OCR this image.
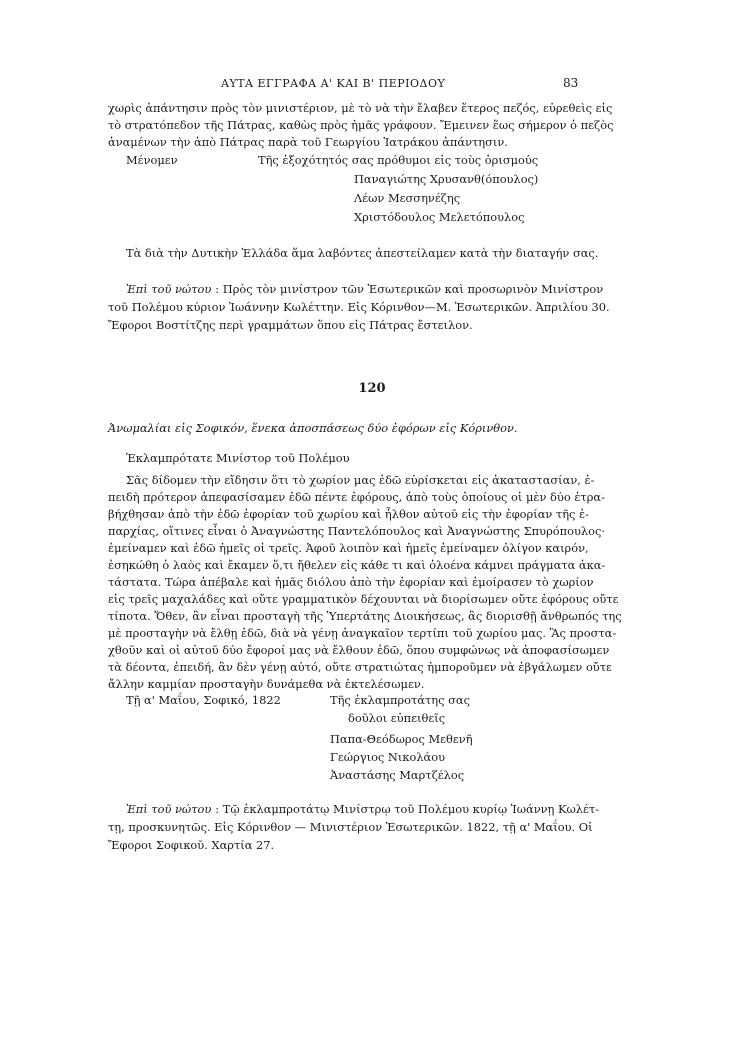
ΑΥΤΑ ΕΓΓΡΑΦΑ Α' ΚΑΙ Β' ΠΕΡΙΟΔΟΥ	83
χωρὶς ἀπάντησιν πρὸς τὸν μινιστέριον, μὲ τὸ νὰ τὴν ἔλαβεν ἕτερος πεζός, εὑρεθεὶς εἰς
τὸ στρατόπεδον τῆς Πάτρας, καθὼς πρὸς ἡμᾶς γράφουν. Ἔμεινεν ἕως σήμερον ὁ πεζὸς
ἀναμένων τὴν ἀπὸ Πάτρας παρὰ τοῦ Γεωργίου Ἰατράκου ἀπάντησιν.
Μένομεν	Τῆς ἐξοχότητός σας πρόθυμοι εἰς τοὺς ὁρισμούς
Παναγιώτης Χρυσανθ(όπουλος)
Λέων Μεσσηνέζης
Χριστόδουλος Μελετόπουλος
Τὰ διὰ τὴν Δυτικὴν Ἑλλάδα ἅμα λαβόντες ἀπεστείλαμεν κατὰ τὴν διαταγήν σας.
Ἐπὶ τοῦ νώτου : Πρὸς τὸν μινίστρον τῶν Ἐσωτερικῶν καὶ προσωρινὸν Μινίστρον
τοῦ Πολέμου κύριον Ἰωάννην Κωλέττην. Εἰς Κόρινθον—Μ. Ἐσωτερικῶν. Ἀπριλίου 30.
Ἔφοροι Βοστίτζης περὶ γραμμάτων ὅπου εἰς Πάτρας ἔστειλον.
120
Ἀνωμαλίαι εἰς Σοφικόν, ἕνεκα ἀποσπάσεως δύο ἐφόρων εἰς Κόρινθον.
Ἐκλαμπρότατε Μινίστορ τοῦ Πολέμου
Σᾶς δίδομεν τὴν εἴδησιν ὅτι τὸ χωρίον μας ἐδῶ εὑρίσκεται εἰς ἀκαταστασίαν, ἐ-
πειδὴ πρότερον ἀπεφασίσαμεν ἐδῶ πέντε ἐφόρους, ἀπὸ τοὺς ὁποίους οἱ μὲν δύο ἐτρα-
βήχθησαν ἀπὸ τὴν ἐδῶ ἐφορίαν τοῦ χωρίου καὶ ἦλθον αὐτοῦ εἰς τὴν ἐφορίαν τῆς ἐ-
παρχίας, οἵτινες εἶναι ὁ Ἀναγνώστης Παντελόπουλος καὶ Ἀναγνώστης Σπυρόπουλος·
ἐμείναμεν καὶ ἐδῶ ἡμεῖς οἱ τρεῖς. Ἀφοῦ λοιπὸν καὶ ἡμεῖς ἐμείναμεν ὀλίγον καιρόν,
ἐσηκώθη ὁ λαὸς καὶ ἔκαμεν ὅ,τι ἤθελεν εἰς κάθε τι καὶ ὁλοένα κάμνει πράγματα ἀκα-
τάστατα. Τώρα ἀπέβαλε καὶ ἡμᾶς διόλου ἀπὸ τὴν ἐφορίαν καὶ ἐμοίρασεν τὸ χωρίον
εἰς τρεῖς μαχαλάδες καὶ οὔτε γραμματικὸν δέχουνται νὰ διορίσωμεν οὔτε ἐφόρους οὔτε
τίποτα. Ὅθεν, ἂν εἶναι προσταγὴ τῆς Ὑπερτάτης Διοικήσεως, ἂς διορισθῇ ἄνθρωπός της
μὲ προσταγὴν νὰ ἔλθῃ ἐδῶ, διὰ νὰ γένῃ ἀναγκαῖον τερτίπι τοῦ χωρίου μας. Ἂς προστα-
χθοῦν καὶ οἱ αὐτοῦ δύο ἔφοροί μας νὰ ἔλθουν ἐδῶ, ὅπου συμφώνως νὰ ἀποφασίσωμεν
τὰ δέοντα, ἐπειδή, ἂν δὲν γένῃ αὐτό, οὔτε στρατιώτας ἠμποροῦμεν νὰ ἐβγάλωμεν οὔτε
ἄλλην καμμίαν προσταγὴν δυνάμεθα νὰ ἐκτελέσωμεν.
Τῇ α' Μαΐου, Σοφικό, 1822	Τῆς ἐκλαμπροτάτης σας
δοῦλοι εὐπειθεῖς
Παπα-Θεόδωρος Μεθενῆ
Γεώργιος Νικολάου
Ἀναστάσης Μαρτζέλος
Ἐπὶ τοῦ νώτου : Τῷ ἐκλαμπροτάτῳ Μινίστρῳ τοῦ Πολέμου κυρίῳ Ἰωάννῃ Κωλέτ-
τῃ, προσκυνητῶς. Εἰς Κόρινθον — Μινιστέριον Ἐσωτερικῶν. 1822, τῇ α' Μαΐου. Οἱ
Ἔφοροι Σοφικοῦ. Χαρτία 27.
